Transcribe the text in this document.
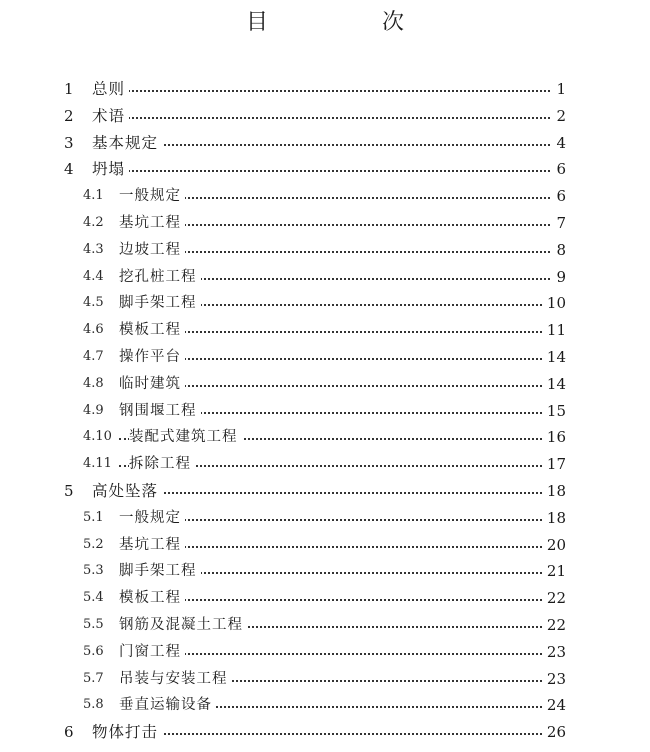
目　次
1 总则	1
2 术语	2
3 基本规定	4
4 坍塌	6
4.1 一般规定	6
4.2 基坑工程	7
4.3 边坡工程	8
4.4 挖孔桩工程	9
4.5 脚手架工程	10
4.6 模板工程	11
4.7 操作平台	14
4.8 临时建筑	14
4.9 钢围堰工程	15
4.10 装配式建筑工程	16
4.11 拆除工程	17
5 高处坠落	18
5.1 一般规定	18
5.2 基坑工程	20
5.3 脚手架工程	21
5.4 模板工程	22
5.5 钢筋及混凝土工程	22
5.6 门窗工程	23
5.7 吊装与安装工程	23
5.8 垂直运输设备	24
6 物体打击	26
